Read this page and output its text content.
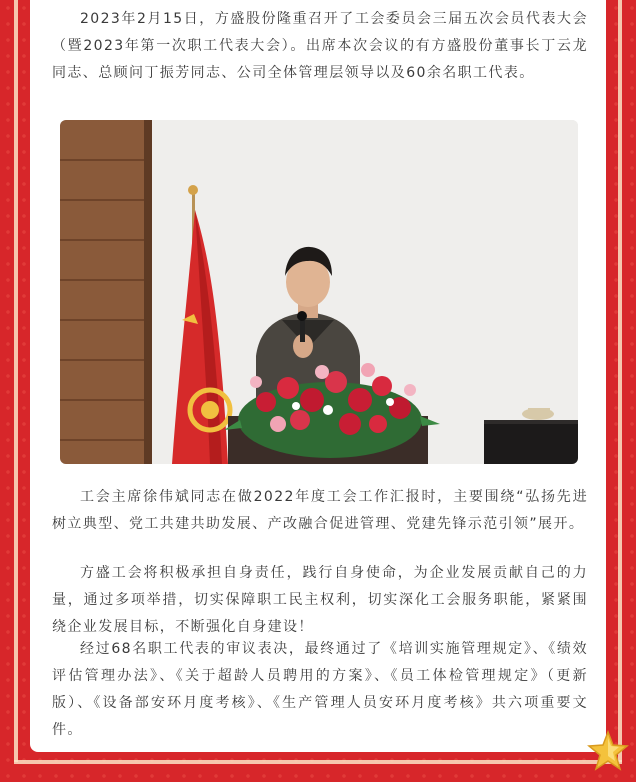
2023年2月15日，方盛股份隆重召开了工会委员会三届五次会员代表大会（暨2023年第一次职工代表大会）。出席本次会议的有方盛股份董事长丁云龙同志、总顾问丁振芳同志、公司全体管理层领导以及60余名职工代表。

工会主席徐伟斌同志在做2022年度工会工作汇报时，主要围绕“弘扬先进树立典型、党工共建共助发展、产改融合促进管理、党建先锋示范引领”展开。

方盛工会将积极承担自身责任，践行自身使命，为企业发展贡献自己的力量，通过多项举措，切实保障职工民主权利，切实深化工会服务职能，紧紧围绕企业发展目标，不断强化自身建设！

经过68名职工代表的审议表决，最终通过了《培训实施管理规定》、《绩效评估管理办法》、《关于超龄人员聘用的方案》、《员工体检管理规定》（更新版）、《设备部安环月度考核》、《生产管理人员安环月度考核》共六项重要文件。
